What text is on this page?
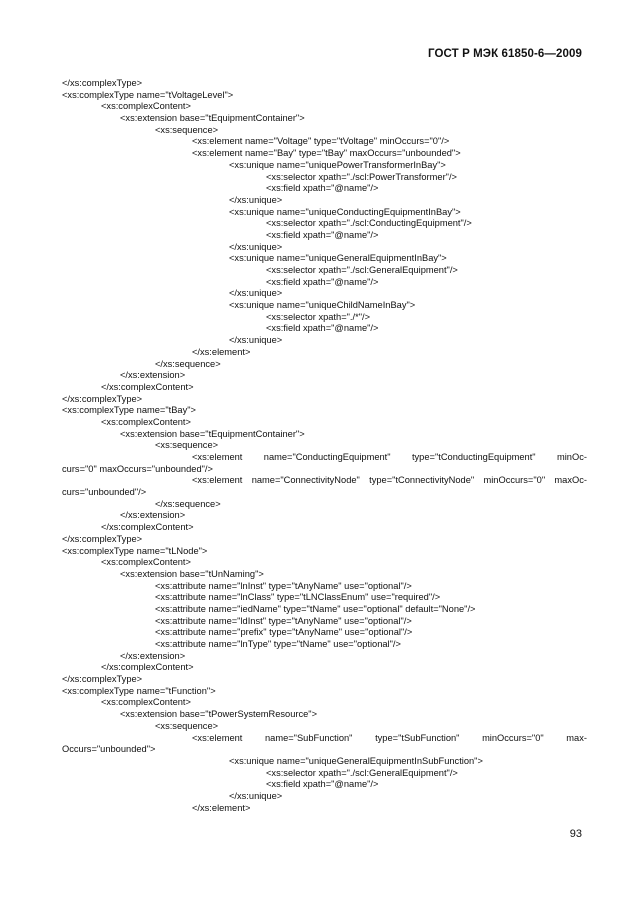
ГОСТ Р МЭК 61850-6—2009
</xs:complexType>
<xs:complexType name="tVoltageLevel">
<xs:complexContent>
<xs:extension base="tEquipmentContainer">
<xs:sequence>
<xs:element name="Voltage" type="tVoltage" minOccurs="0"/>
<xs:element name="Bay" type="tBay" maxOccurs="unbounded">
<xs:unique name="uniquePowerTransformerInBay">
<xs:selector xpath="./scl:PowerTransformer"/>
<xs:field xpath="@name"/>
</xs:unique>
<xs:unique name="uniqueConductingEquipmentInBay">
<xs:selector xpath="./scl:ConductingEquipment"/>
<xs:field xpath="@name"/>
</xs:unique>
<xs:unique name="uniqueGeneralEquipmentInBay">
<xs:selector xpath="./scl:GeneralEquipment"/>
<xs:field xpath="@name"/>
</xs:unique>
<xs:unique name="uniqueChildNameInBay">
<xs:selector xpath="./*"/>
<xs:field xpath="@name"/>
</xs:unique>
</xs:element>
</xs:sequence>
</xs:extension>
</xs:complexContent>
</xs:complexType>
<xs:complexType name="tBay">
<xs:complexContent>
<xs:extension base="tEquipmentContainer">
<xs:sequence>
<xs:element name="ConductingEquipment" type="tConductingEquipment" minOc-
curs="0" maxOccurs="unbounded"/>
<xs:element name="ConnectivityNode" type="tConnectivityNode" minOccurs="0" maxOc-
curs="unbounded"/>
</xs:sequence>
</xs:extension>
</xs:complexContent>
</xs:complexType>
<xs:complexType name="tLNode">
<xs:complexContent>
<xs:extension base="tUnNaming">
<xs:attribute name="lnInst" type="tAnyName" use="optional"/>
<xs:attribute name="lnClass" type="tLNClassEnum" use="required"/>
<xs:attribute name="iedName" type="tName" use="optional" default="None"/>
<xs:attribute name="ldInst" type="tAnyName" use="optional"/>
<xs:attribute name="prefix" type="tAnyName" use="optional"/>
<xs:attribute name="lnType" type="tName" use="optional"/>
</xs:extension>
</xs:complexContent>
</xs:complexType>
<xs:complexType name="tFunction">
<xs:complexContent>
<xs:extension base="tPowerSystemResource">
<xs:sequence>
<xs:element name="SubFunction" type="tSubFunction" minOccurs="0" max-
Occurs="unbounded">
<xs:unique name="uniqueGeneralEquipmentInSubFunction">
<xs:selector xpath="./scl:GeneralEquipment"/>
<xs:field xpath="@name"/>
</xs:unique>
</xs:element>
93
